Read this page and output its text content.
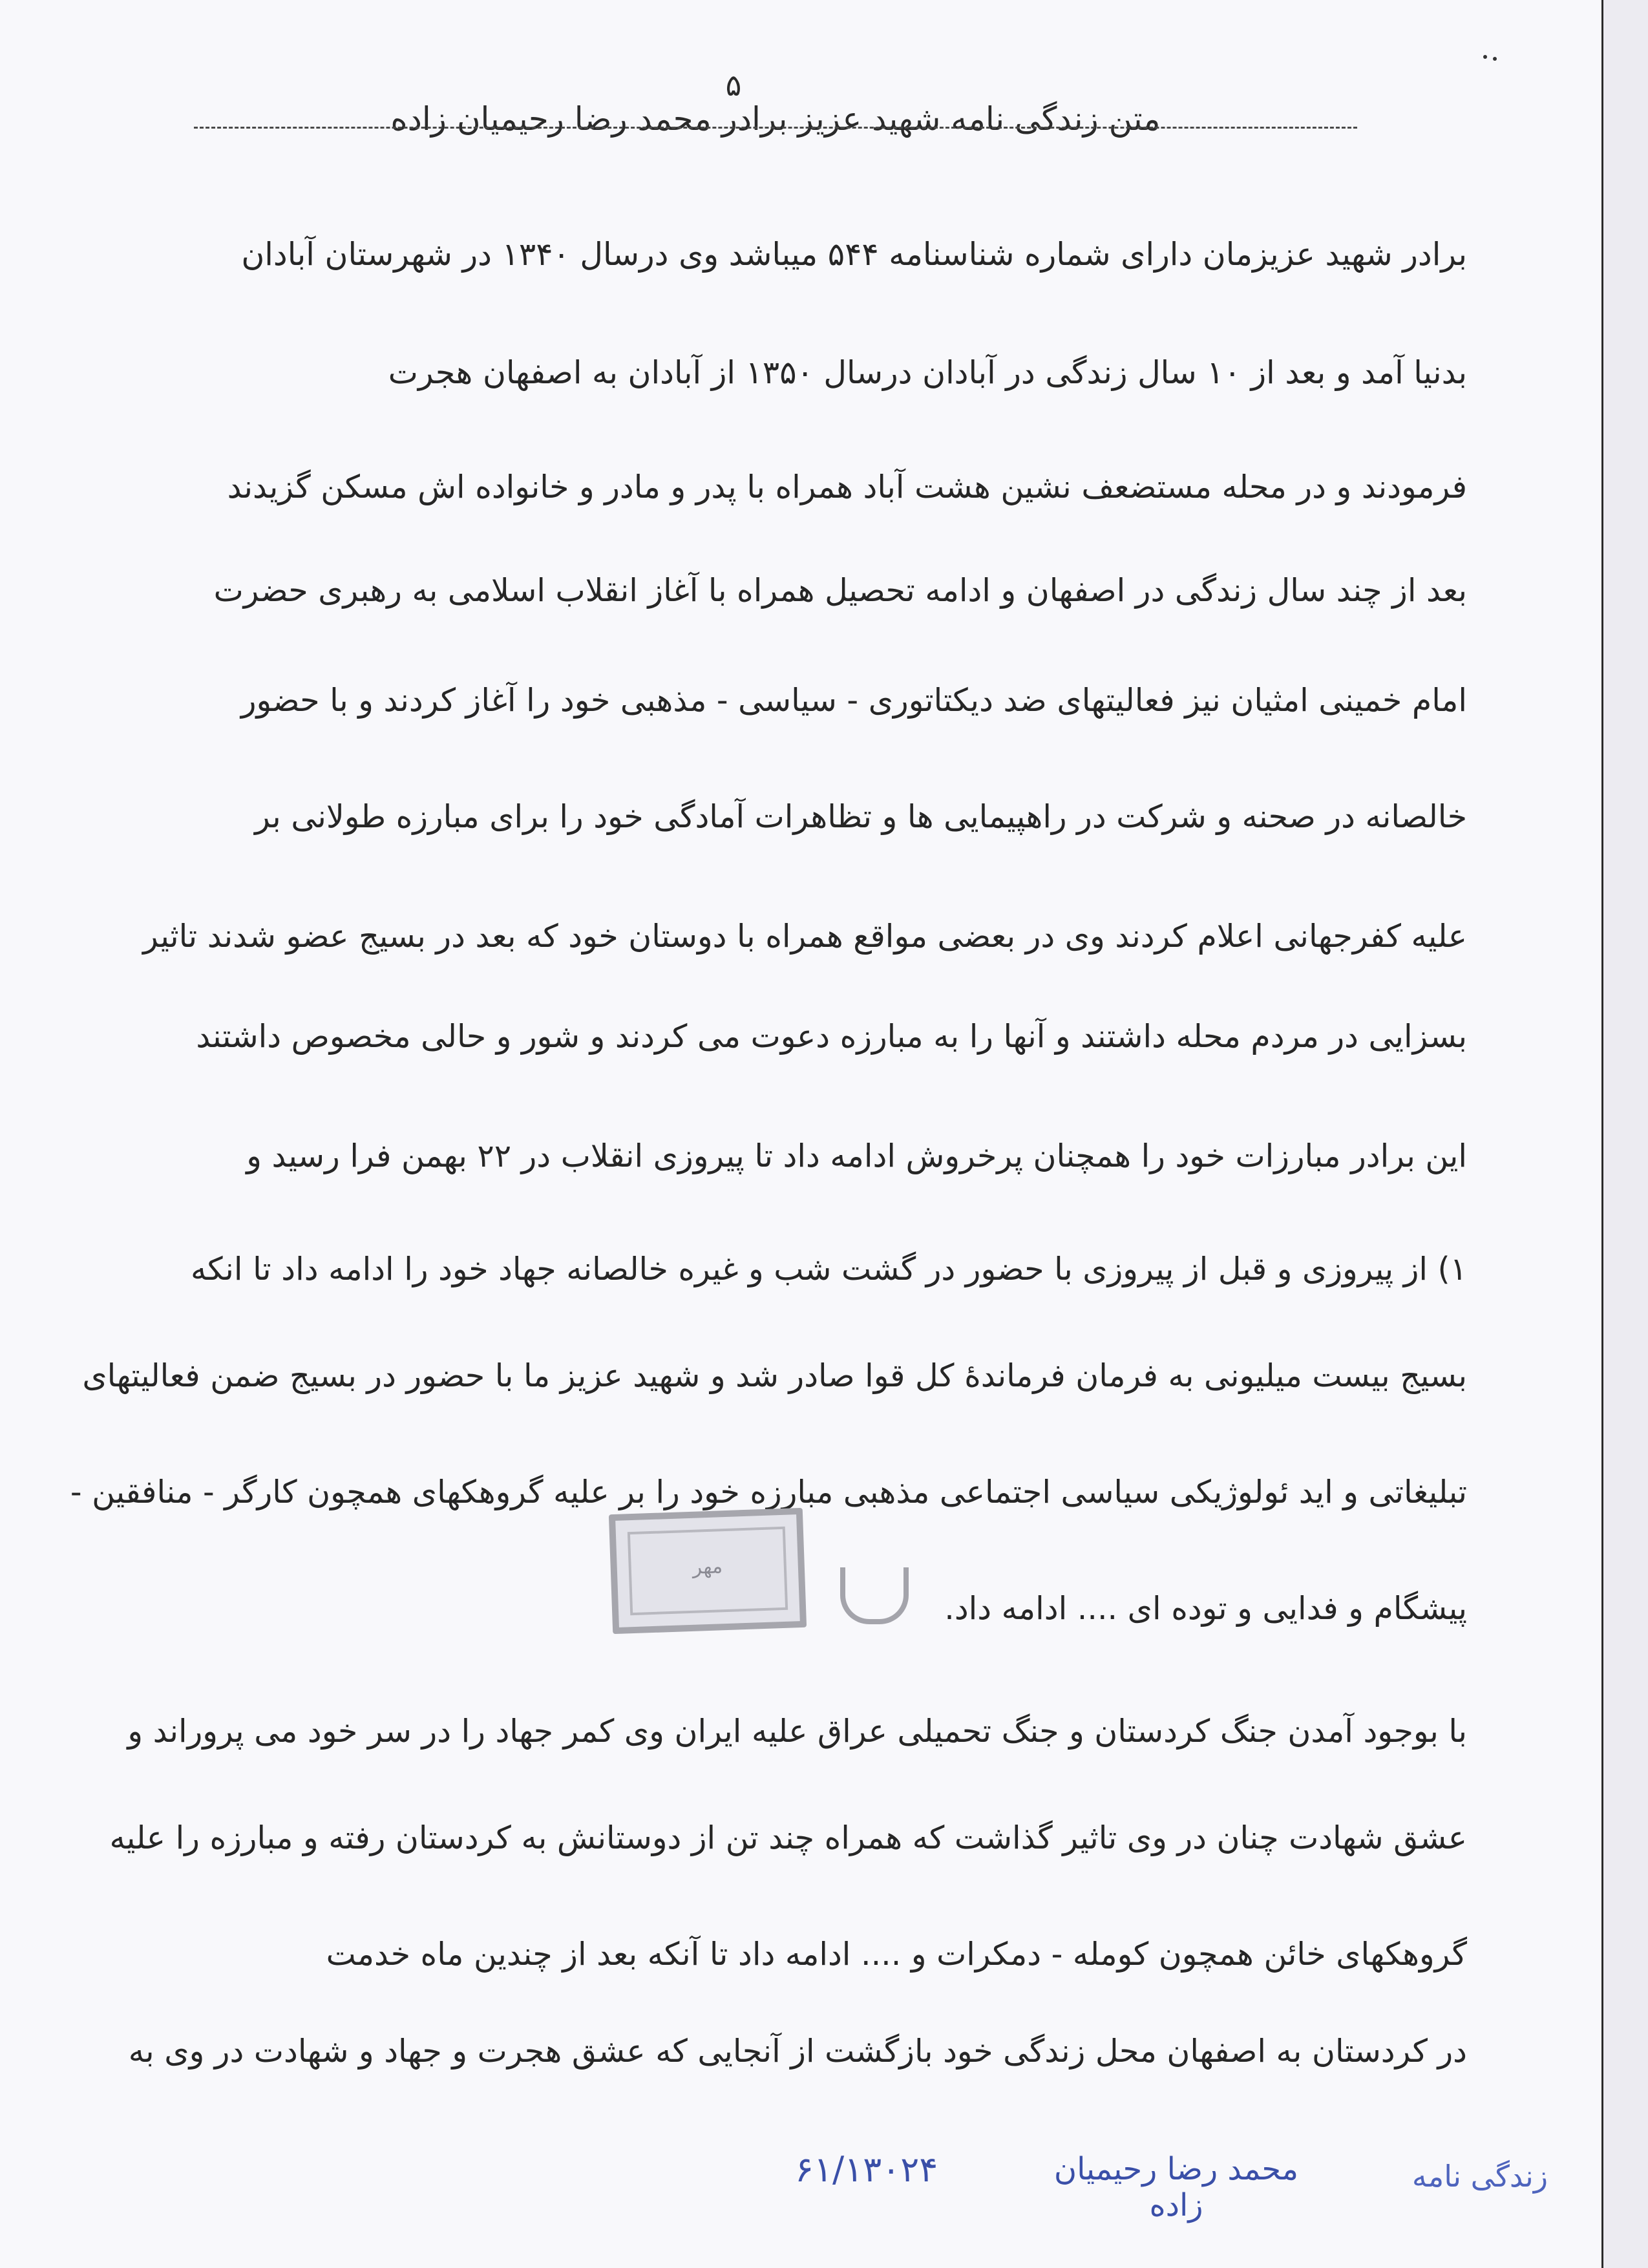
۵
متن زندگی نامه شهید عزیز برادر محمد رضا رحیمیان زاده
برادر شهید عزیزمان دارای شماره شناسنامه ۵۴۴ میباشد وی درسال ۱۳۴۰ در شهرستان آبادان
بدنیا آمد و بعد از ۱۰ سال زندگی در آبادان درسال ۱۳۵۰ از آبادان به اصفهان هجرت
فرمودند و در محله مستضعف نشین هشت آباد همراه با پدر و مادر و خانواده اش مسکن گزیدند
بعد از چند سال زندگی در اصفهان و ادامه تحصیل همراه با آغاز انقلاب اسلامی به رهبری حضرت
امام خمینی امثیان نیز فعالیتهای ضد دیکتاتوری - سیاسی - مذهبی خود را آغاز کردند و با حضور
خالصانه در صحنه و شرکت در راهپیمایی ها و تظاهرات آمادگی خود را برای مبارزه طولانی بر
علیه کفرجهانی اعلام کردند وی در بعضی مواقع همراه با دوستان خود که بعد در بسیج عضو شدند تاثیر
بسزایی در مردم محله داشتند و آنها را به مبارزه دعوت می کردند و شور و حالی مخصوص داشتند
این برادر مبارزات خود را همچنان پرخروش ادامه داد تا پیروزی انقلاب در ۲۲ بهمن فرا رسید و
۱) از پیروزی و قبل از پیروزی با حضور در گشت شب و غیره خالصانه جهاد خود را ادامه داد تا انکه
بسیج بیست میلیونی به فرمان فرماندهٔ کل قوا صادر شد و شهید عزیز ما با حضور در بسیج ضمن فعالیتهای
تبلیغاتی و اید ئولوژیکی سیاسی اجتماعی مذهبی مبارزه خود را بر علیه گروهکهای همچون کارگر - منافقین -
پیشگام و فدایی و توده ای .... ادامه داد.
با بوجود آمدن جنگ کردستان و جنگ تحمیلی عراق علیه ایران وی کمر جهاد را در سر خود می پروراند و
عشق شهادت چنان در وی تاثیر گذاشت که همراه چند تن از دوستانش به کردستان رفته و مبارزه را علیه
گروهکهای خائن همچون کومله - دمکرات و .... ادامه داد تا آنکه بعد از چندین ماه خدمت
در کردستان به اصفهان محل زندگی خود بازگشت از آنجایی که عشق هجرت و جهاد و شهادت در وی به
مهر
۶۱/۱۳۰۲۴	محمد رضا رحیمیان زاده
زندگی نامه
